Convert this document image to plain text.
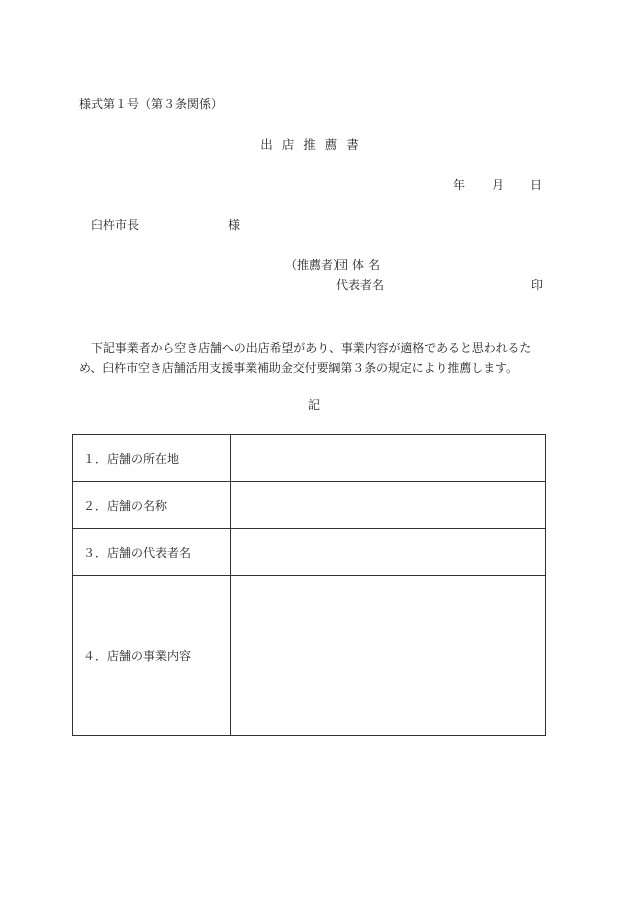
様式第１号（第３条関係）
出店推薦書
年 月 日
臼杵市長	様
（推薦者）
団体名
代表者名	印
下記事業者から空き店舗への出店希望があり、事業内容が適格であると思われるため、臼杵市空き店舗活用支援事業補助金交付要綱第３条の規定により推薦します。
記
１．店舗の所在地	
２．店舗の名称	
３．店舗の代表者名	
４．店舗の事業内容	
